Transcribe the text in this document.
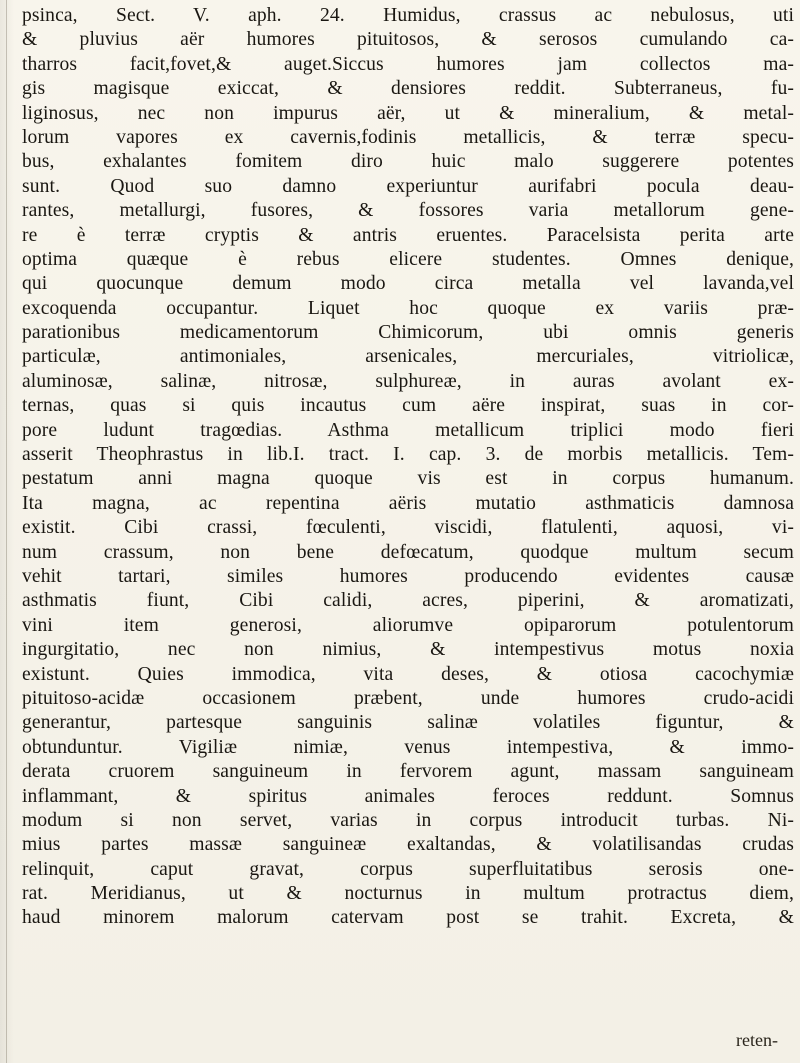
psinca, Sect. V. aph. 24. Humidus, crassus ac nebulosus, uti
& pluvius aër humores pituitosos, & serosos cumulando ca-
tharros facit,fovet,& auget.Siccus humores jam collectos ma-
gis magisque exiccat, & densiores reddit. Subterraneus, fu-
liginosus, nec non impurus aër, ut & mineralium, & metal-
lorum vapores ex cavernis,fodinis metallicis, & terræ specu-
bus, exhalantes fomitem diro huic malo suggerere potentes
sunt. Quod suo damno experiuntur aurifabri pocula deau-
rantes, metallurgi, fusores, & fossores varia metallorum gene-
re è terræ cryptis & antris eruentes. Paracelsista perita arte
optima quæque è rebus elicere studentes. Omnes denique,
qui quocunque demum modo circa metalla vel lavanda,vel
excoquenda occupantur. Liquet hoc quoque ex variis præ-
parationibus medicamentorum Chimicorum, ubi omnis generis
particulæ, antimoniales, arsenicales, mercuriales, vitriolicæ,
aluminosæ, salinæ, nitrosæ, sulphureæ, in auras avolant ex-
ternas, quas si quis incautus cum aëre inspirat, suas in cor-
pore ludunt tragœdias. Asthma metallicum triplici modo fieri
asserit Theophrastus in lib.I. tract. I. cap. 3. de morbis metallicis. Tem-
pestatum anni magna quoque vis est in corpus humanum.
Ita magna, ac repentina aëris mutatio asthmaticis damnosa
existit. Cibi crassi, fœculenti, viscidi, flatulenti, aquosi, vi-
num crassum, non bene defœcatum, quodque multum secum
vehit tartari, similes humores producendo evidentes causæ
asthmatis fiunt, Cibi calidi, acres, piperini, & aromatizati,
vini item generosi, aliorumve opiparorum potulentorum
ingurgitatio, nec non nimius, & intempestivus motus noxia
existunt. Quies immodica, vita deses, & otiosa cacochymiæ
pituitoso-acidæ occasionem præbent, unde humores crudo-acidi
generantur, partesque sanguinis salinæ volatiles figuntur, &
obtunduntur. Vigiliæ nimiæ, venus intempestiva, & immo-
derata cruorem sanguineum in fervorem agunt, massam sanguineam
inflammant, & spiritus animales feroces reddunt. Somnus
modum si non servet, varias in corpus introducit turbas. Ni-
mius partes massæ sanguineæ exaltandas, & volatilisandas crudas
relinquit, caput gravat, corpus superfluitatibus serosis one-
rat. Meridianus, ut & nocturnus in multum protractus diem,
haud minorem malorum catervam post se trahit. Excreta, &
reten-
